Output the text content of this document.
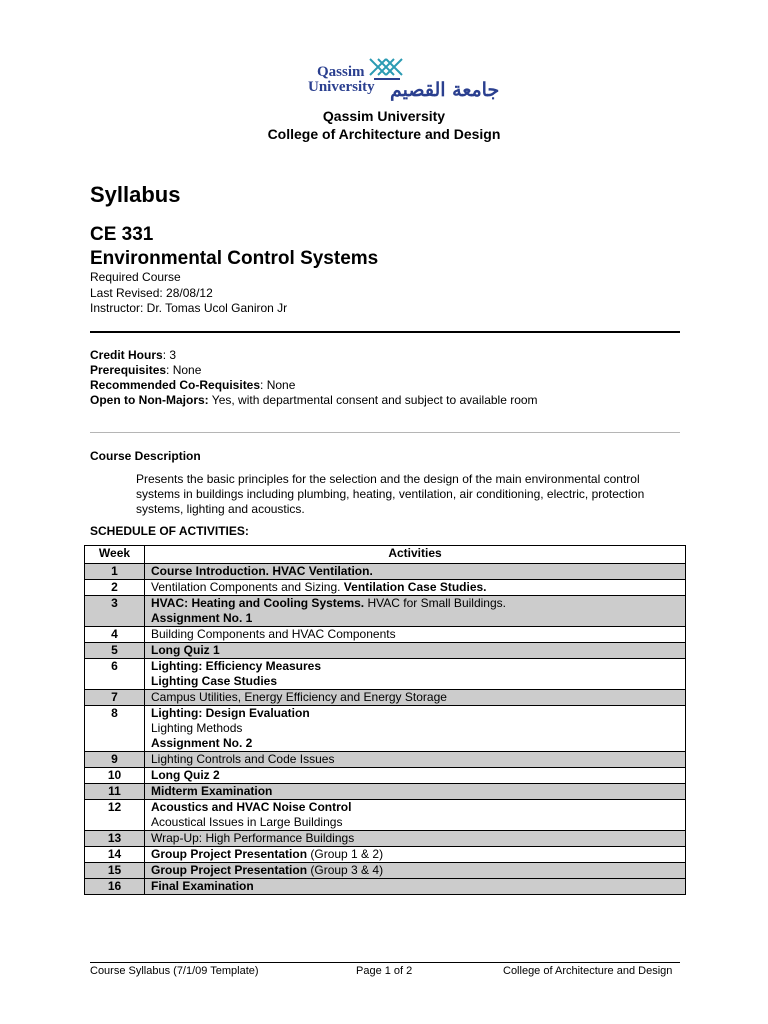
Qassim
University جامعة القصيم
Qassim University
College of Architecture and Design
Syllabus
CE 331
Environmental Control Systems
Required Course
Last Revised: 28/08/12
Instructor: Dr. Tomas Ucol Ganiron Jr
Credit Hours: 3
Prerequisites: None
Recommended Co-Requisites: None
Open to Non-Majors: Yes, with departmental consent and subject to available room
Course Description
Presents the basic principles for the selection and the design of the main environmental control systems in buildings including plumbing, heating, ventilation, air conditioning, electric, protection systems, lighting and acoustics.
SCHEDULE OF ACTIVITIES:
Week	Activities
1	Course Introduction. HVAC Ventilation.

2	Ventilation Components and Sizing. Ventilation Case Studies.

3	HVAC: Heating and Cooling Systems. HVAC for Small Buildings.
Assignment No. 1

4	Building Components and HVAC Components

5	Long Quiz 1

6	Lighting: Efficiency Measures
Lighting Case Studies

7	Campus Utilities, Energy Efficiency and Energy Storage

8	Lighting: Design Evaluation
Lighting Methods
Assignment No. 2

9	Lighting Controls and Code Issues

10	Long Quiz 2

11	Midterm Examination

12	Acoustics and HVAC Noise Control
Acoustical Issues in Large Buildings

13	Wrap-Up: High Performance Buildings

14	Group Project Presentation (Group 1 & 2)

15	Group Project Presentation (Group 3 & 4)

16	Final Examination
Course Syllabus (7/1/09 Template)	Page 1 of 2	College of Architecture and Design
